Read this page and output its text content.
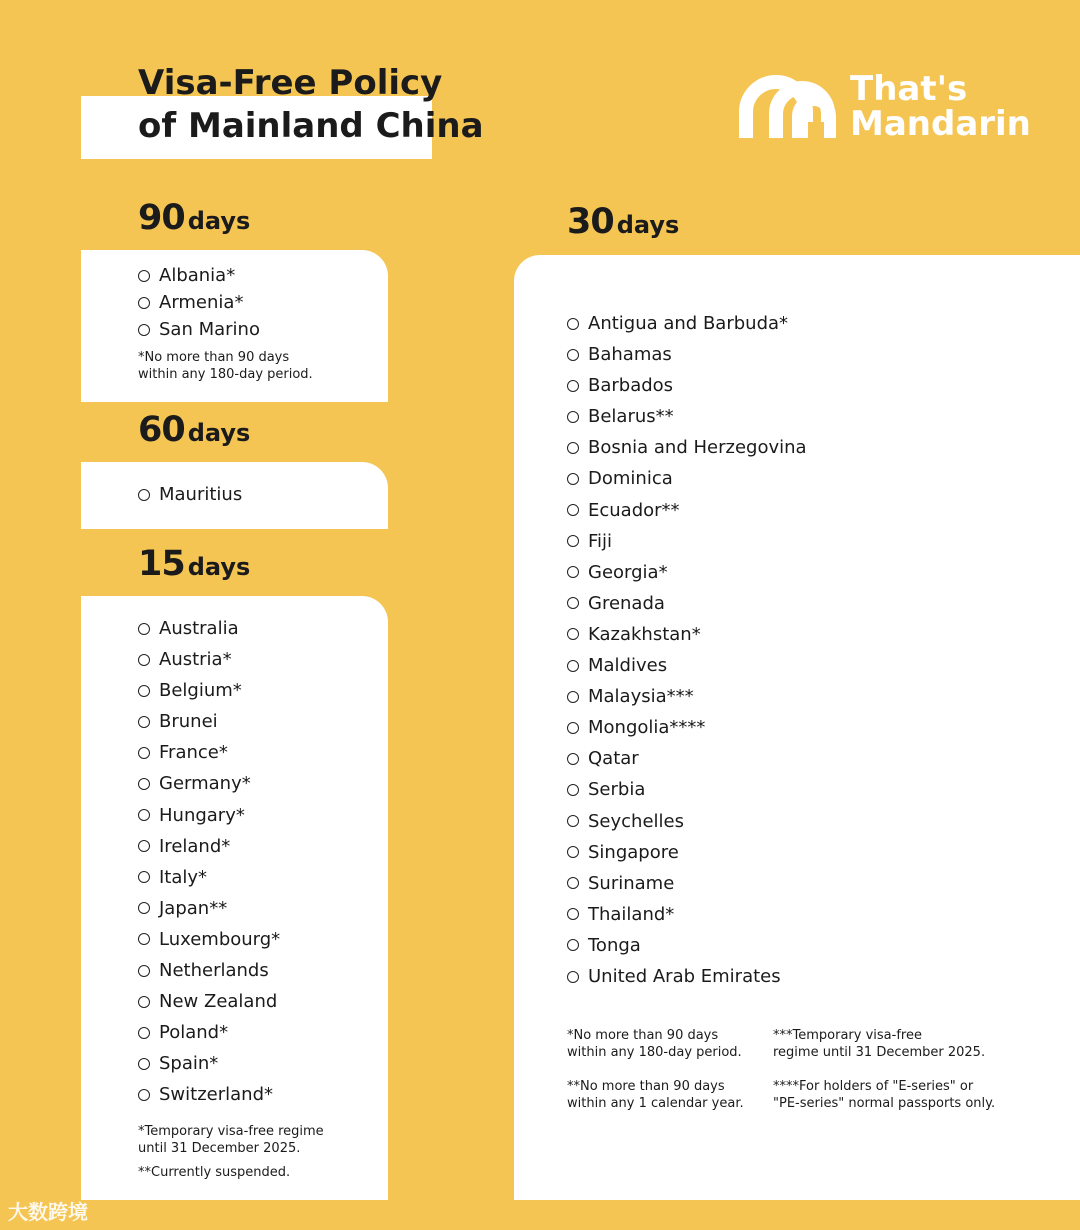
Visa-Free Policy
of Mainland China
That's
Mandarin
90 days
Albania*
Armenia*
San Marino

*No more than 90 days
within any 180-day period.

60 days
Mauritius
15 days
Australia
Austria*
Belgium*
Brunei
France*
Germany*
Hungary*
Ireland*
Italy*
Japan**
Luxembourg*
Netherlands
New Zealand
Poland*
Spain*
Switzerland*

*Temporary visa-free regime
until 31 December 2025.

**Currently suspended.

30 days
Antigua and Barbuda*
Bahamas
Barbados
Belarus**
Bosnia and Herzegovina
Dominica
Ecuador**
Fiji
Georgia*
Grenada
Kazakhstan*
Maldives
Malaysia***
Mongolia****
Qatar
Serbia
Seychelles
Singapore
Suriname
Thailand*
Tonga
United Arab Emirates

*No more than 90 days
within any 180-day period.

***Temporary visa-free
regime until 31 December 2025.

**No more than 90 days
within any 1 calendar year.

****For holders of "E-series" or
"PE-series" normal passports only.

大数跨境
